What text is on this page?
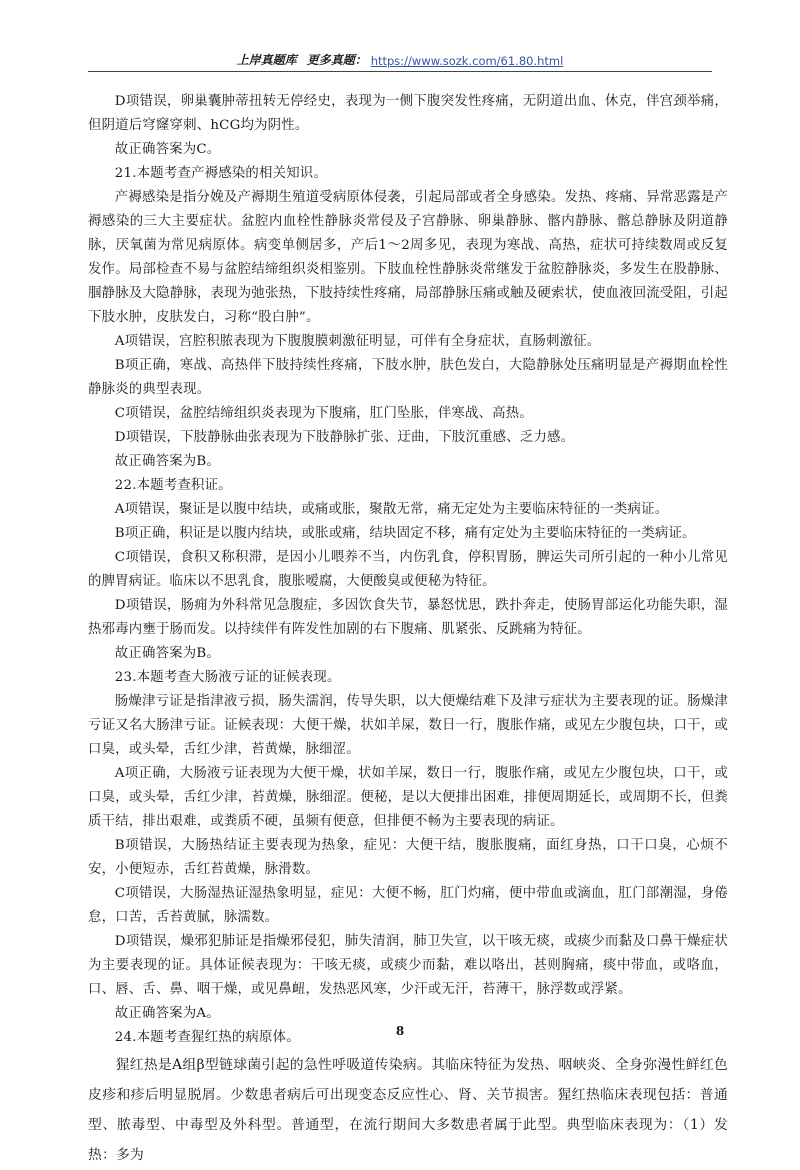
上岸真题库 更多真题： https://www.sozk.com/61.80.html

D项错误，卵巢囊肿蒂扭转无停经史，表现为一侧下腹突发性疼痛，无阴道出血、休克，伴宫颈举痛，但阴道后穹窿穿刺、hCG均为阴性。

故正确答案为C。

21.本题考查产褥感染的相关知识。

产褥感染是指分娩及产褥期生殖道受病原体侵袭，引起局部或者全身感染。发热、疼痛、异常恶露是产褥感染的三大主要症状。盆腔内血栓性静脉炎常侵及子宫静脉、卵巢静脉、髂内静脉、髂总静脉及阴道静脉，厌氧菌为常见病原体。病变单侧居多，产后1～2周多见，表现为寒战、高热，症状可持续数周或反复发作。局部检查不易与盆腔结缔组织炎相鉴别。下肢血栓性静脉炎常继发于盆腔静脉炎，多发生在股静脉、腘静脉及大隐静脉，表现为弛张热，下肢持续性疼痛，局部静脉压痛或触及硬索状，使血液回流受阻，引起下肢水肿，皮肤发白，习称“股白肿”。

A项错误，宫腔积脓表现为下腹腹膜刺激征明显，可伴有全身症状，直肠刺激征。

B项正确，寒战、高热伴下肢持续性疼痛，下肢水肿，肤色发白，大隐静脉处压痛明显是产褥期血栓性静脉炎的典型表现。

C项错误，盆腔结缔组织炎表现为下腹痛，肛门坠胀，伴寒战、高热。

D项错误，下肢静脉曲张表现为下肢静脉扩张、迂曲，下肢沉重感、乏力感。

故正确答案为B。

22.本题考查积证。

A项错误，聚证是以腹中结块，或痛或胀，聚散无常，痛无定处为主要临床特征的一类病证。

B项正确，积证是以腹内结块，或胀或痛，结块固定不移，痛有定处为主要临床特征的一类病证。

C项错误，食积又称积滞，是因小儿喂养不当，内伤乳食，停积胃肠，脾运失司所引起的一种小儿常见的脾胃病证。临床以不思乳食，腹胀嗳腐，大便酸臭或便秘为特征。

D项错误，肠痈为外科常见急腹症，多因饮食失节，暴怒忧思，跌扑奔走，使肠胃部运化功能失职，湿热邪毒内壅于肠而发。以持续伴有阵发性加剧的右下腹痛、肌紧张、反跳痛为特征。

故正确答案为B。

23.本题考查大肠液亏证的证候表现。

肠燥津亏证是指津液亏损，肠失濡润，传导失职，以大便燥结难下及津亏症状为主要表现的证。肠燥津亏证又名大肠津亏证。证候表现：大便干燥，状如羊屎，数日一行，腹胀作痛，或见左少腹包块，口干，或口臭，或头晕，舌红少津，苔黄燥，脉细涩。

A项正确，大肠液亏证表现为大便干燥，状如羊屎，数日一行，腹胀作痛，或见左少腹包块，口干，或口臭，或头晕，舌红少津，苔黄燥，脉细涩。便秘，是以大便排出困难，排便周期延长，或周期不长，但粪质干结，排出艰难，或粪质不硬，虽频有便意，但排便不畅为主要表现的病证。

B项错误，大肠热结证主要表现为热象，症见：大便干结，腹胀腹痛，面红身热，口干口臭，心烦不安，小便短赤，舌红苔黄燥，脉滑数。

C项错误，大肠湿热证湿热象明显，症见：大便不畅，肛门灼痛，便中带血或滴血，肛门部潮湿，身倦怠，口苦，舌苔黄腻，脉濡数。

D项错误，燥邪犯肺证是指燥邪侵犯，肺失清润，肺卫失宣，以干咳无痰，或痰少而黏及口鼻干燥症状为主要表现的证。具体证候表现为：干咳无痰，或痰少而黏，难以咯出，甚则胸痛，痰中带血，或咯血，口、唇、舌、鼻、咽干燥，或见鼻衄，发热恶风寒，少汗或无汗，苔薄干，脉浮数或浮紧。

故正确答案为A。

24.本题考查猩红热的病原体。

猩红热是A组β型链球菌引起的急性呼吸道传染病。其临床特征为发热、咽峡炎、全身弥漫性鲜红色皮疹和疹后明显脱屑。少数患者病后可出现变态反应性心、肾、关节损害。猩红热临床表现包括：普通型、脓毒型、中毒型及外科型。普通型，在流行期间大多数患者属于此型。典型临床表现为：（1）发热：多为

8
